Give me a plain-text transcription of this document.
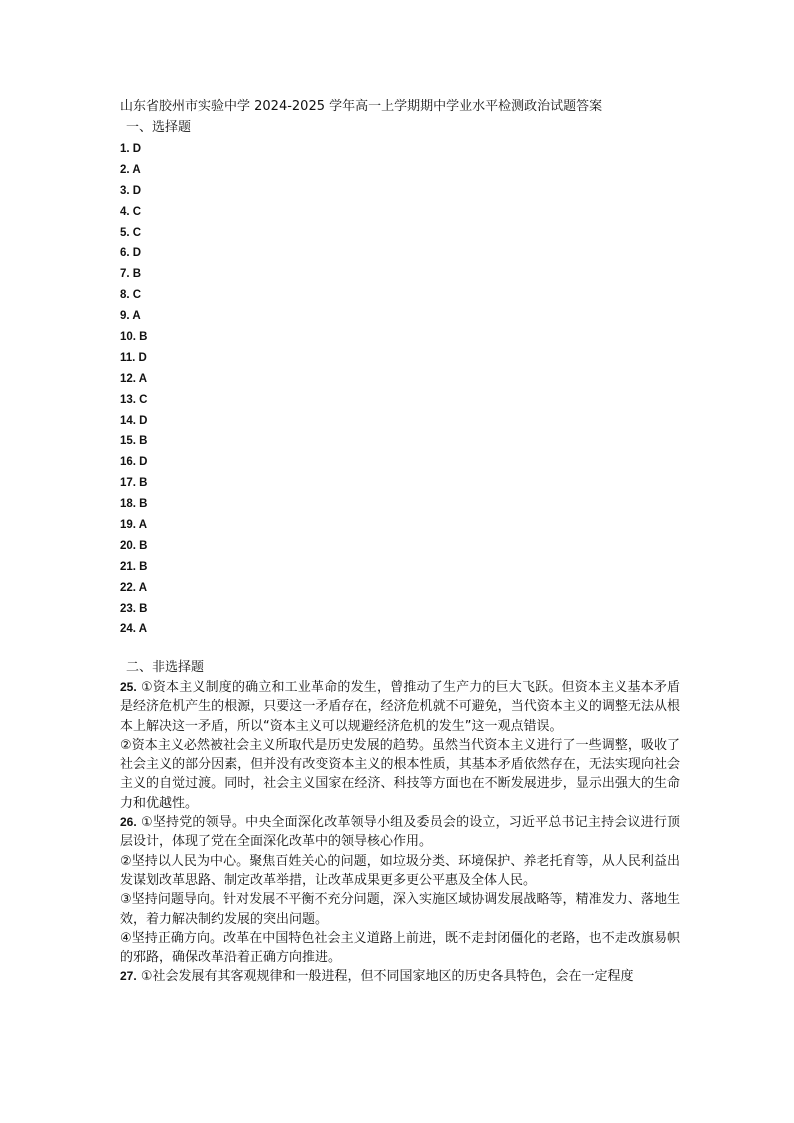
山东省胶州市实验中学 2024-2025 学年高一上学期期中学业水平检测政治试题答案
一、选择题
1. D
2. A
3. D
4. C
5. C
6. D
7. B
8. C
9. A
10. B
11. D
12. A
13. C
14. D
15. B
16. D
17. B
18. B
19. A
20. B
21. B
22. A
23. B
24. A
二、非选择题
25. ①资本主义制度的确立和工业革命的发生，曾推动了生产力的巨大飞跃。但资本主义基本矛盾是经济危机产生的根源，只要这一矛盾存在，经济危机就不可避免，当代资本主义的调整无法从根本上解决这一矛盾，所以“资本主义可以规避经济危机的发生”这一观点错误。
②资本主义必然被社会主义所取代是历史发展的趋势。虽然当代资本主义进行了一些调整，吸收了社会主义的部分因素，但并没有改变资本主义的根本性质，其基本矛盾依然存在，无法实现向社会主义的自觉过渡。同时，社会主义国家在经济、科技等方面也在不断发展进步，显示出强大的生命力和优越性。
26. ①坚持党的领导。中央全面深化改革领导小组及委员会的设立，习近平总书记主持会议进行顶层设计，体现了党在全面深化改革中的领导核心作用。
②坚持以人民为中心。聚焦百姓关心的问题，如垃圾分类、环境保护、养老托育等，从人民利益出发谋划改革思路、制定改革举措，让改革成果更多更公平惠及全体人民。
③坚持问题导向。针对发展不平衡不充分问题，深入实施区域协调发展战略等，精准发力、落地生效，着力解决制约发展的突出问题。
④坚持正确方向。改革在中国特色社会主义道路上前进，既不走封闭僵化的老路，也不走改旗易帜的邪路，确保改革沿着正确方向推进。
27. ①社会发展有其客观规律和一般进程，但不同国家地区的历史各具特色，会在一定程度
